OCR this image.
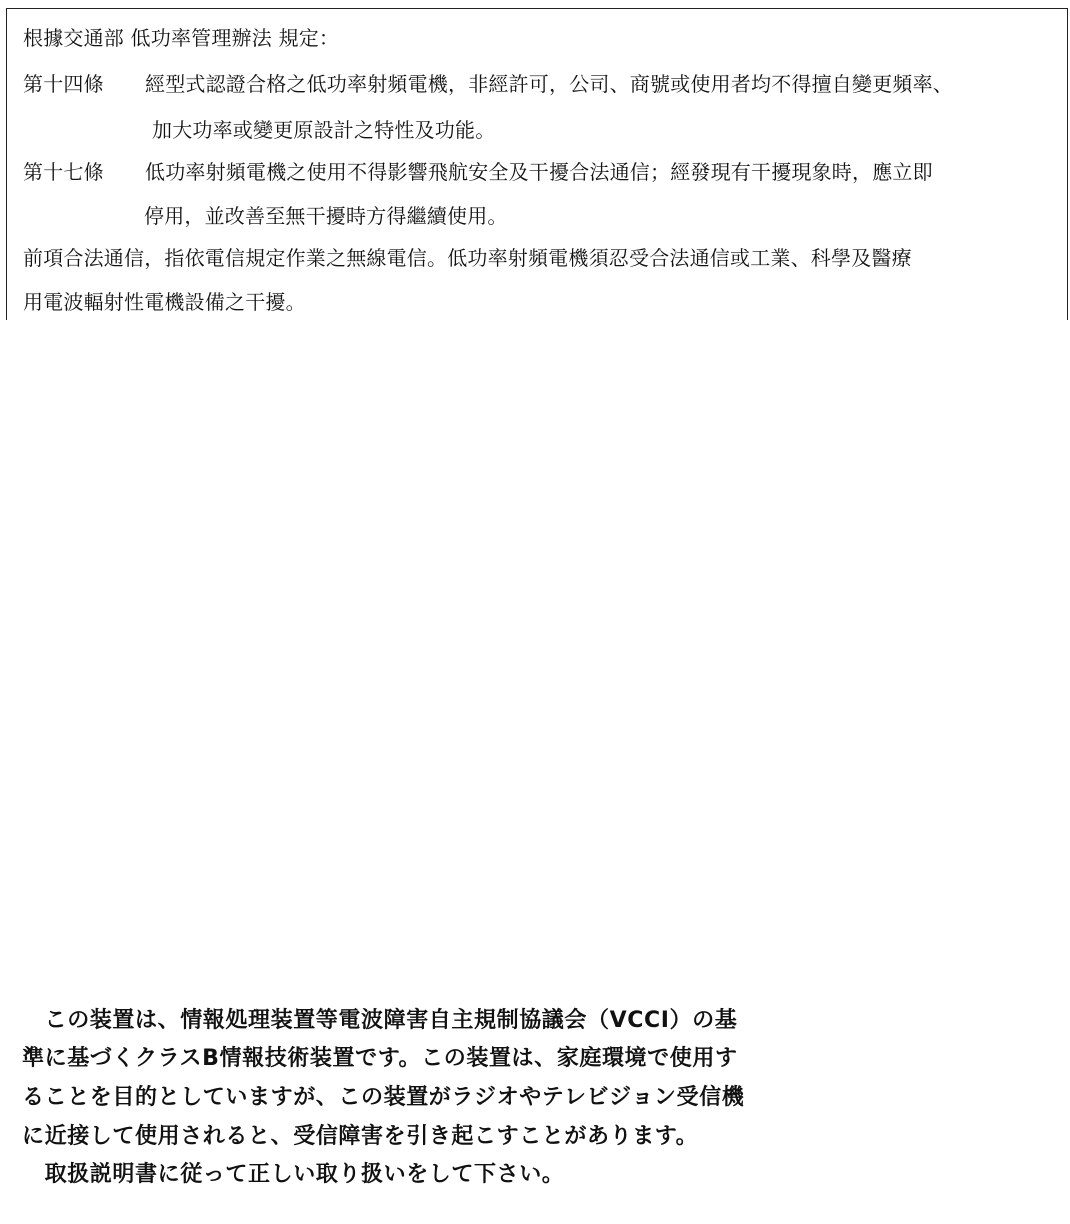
根據交通部 低功率管理辦法 規定：
第十四條 經型式認證合格之低功率射頻電機，非經許可，公司、商號或使用者均不得擅自變更頻率、
加大功率或變更原設計之特性及功能。
第十七條 低功率射頻電機之使用不得影響飛航安全及干擾合法通信；經發現有干擾現象時，應立即
停用，並改善至無干擾時方得繼續使用。
前項合法通信，指依電信規定作業之無線電信。低功率射頻電機須忍受合法通信或工業、科學及醫療
用電波輻射性電機設備之干擾。
　この装置は、情報処理装置等電波障害自主規制協議会（VCCI）の基
準に基づくクラスB情報技術装置です。この装置は、家庭環境で使用す
ることを目的としていますが、この装置がラジオやテレビジョン受信機
に近接して使用されると、受信障害を引き起こすことがあります。
　取扱説明書に従って正しい取り扱いをして下さい。
